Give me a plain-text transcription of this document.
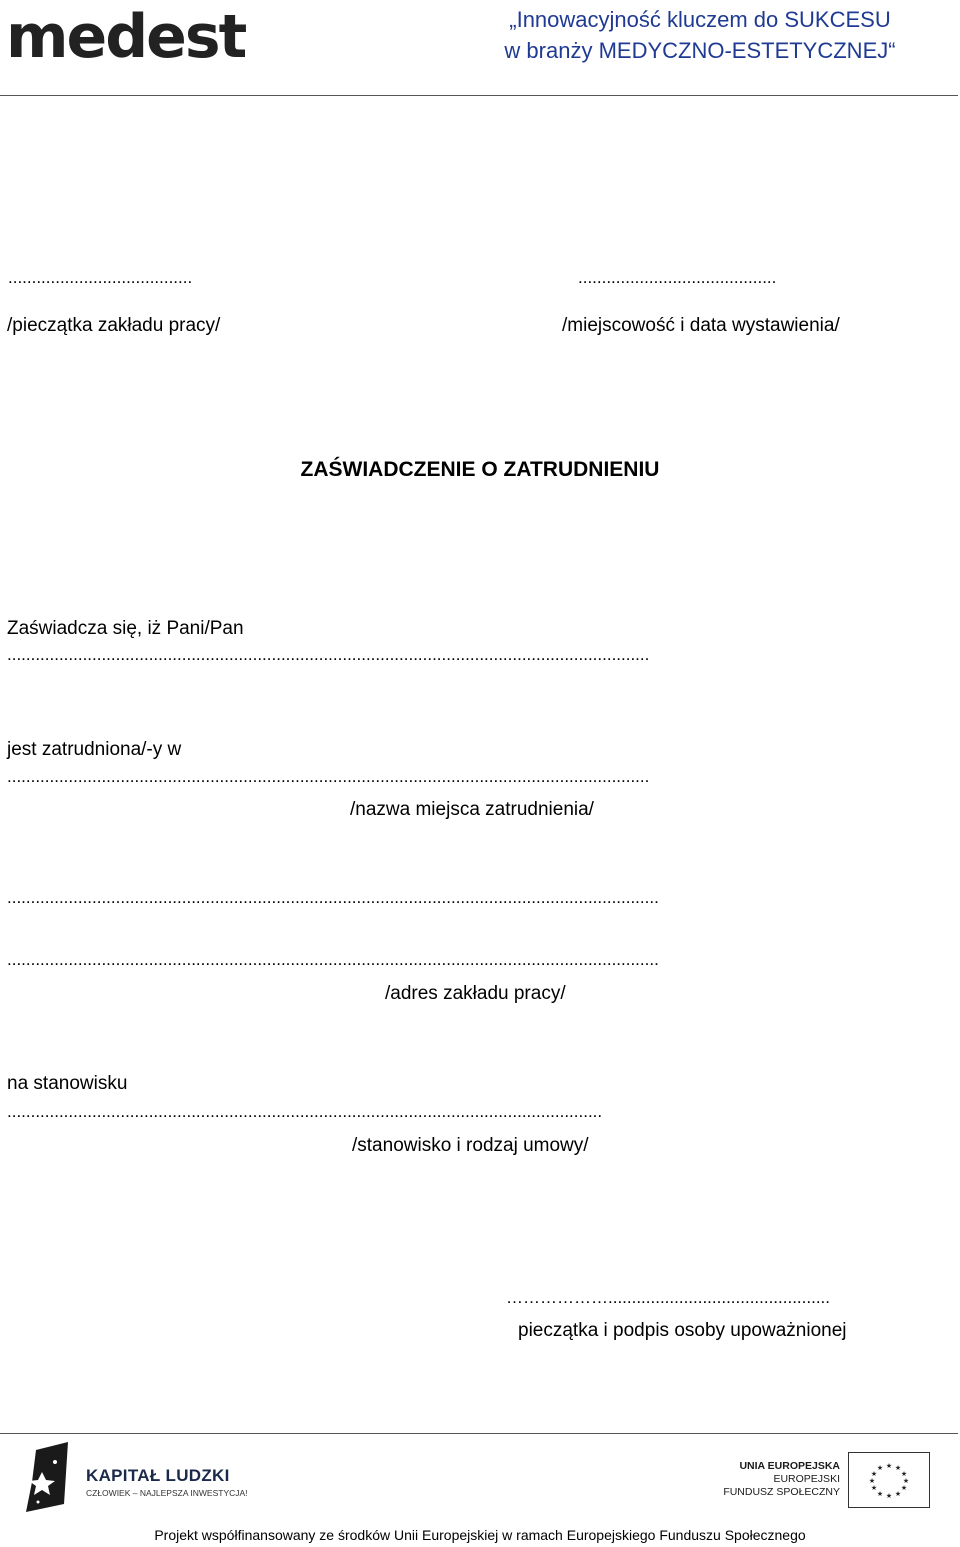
medest	„Innowacyjność kluczem do SUKCESU
w branży MEDYCZNO-ESTETYCZNEJ“
.......................................
/pieczątka zakładu pracy/
..........................................
/miejscowość i data wystawienia/
ZAŚWIADCZENIE O ZATRUDNIENIU
Zaświadcza się, iż Pani/Pan
........................................................................................................................................
jest zatrudniona/-y w
........................................................................................................................................
/nazwa miejsca zatrudnienia/
..........................................................................................................................................
..........................................................................................................................................
/adres zakładu pracy/
na stanowisku
..............................................................................................................................
/stanowisko i rodzaj umowy/
………………...............................................
pieczątka i podpis osoby upoważnionej
KAPITAŁ LUDZKI
CZŁOWIEK – NAJLEPSZA INWESTYCJA!
UNIA EUROPEJSKA
EUROPEJSKI
FUNDUSZ SPOŁECZNY
★ ★
★
★
★
★
★
★
★
★
★
★
Projekt współfinansowany ze środków Unii Europejskiej w ramach Europejskiego Funduszu Społecznego
